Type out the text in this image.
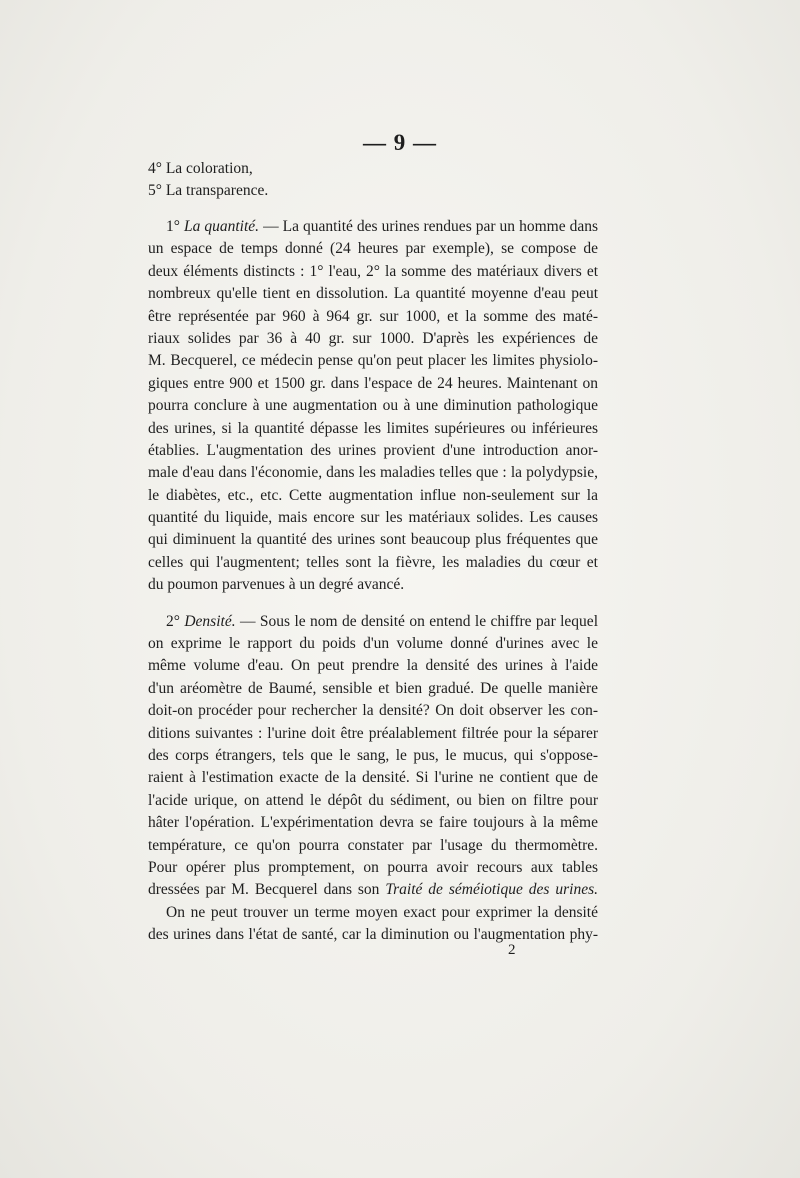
— 9 —
4° La coloration,
5° La transparence.
1° La quantité. — La quantité des urines rendues par un homme dans
un espace de temps donné (24 heures par exemple), se compose de
deux éléments distincts : 1° l'eau, 2° la somme des matériaux divers et
nombreux qu'elle tient en dissolution. La quantité moyenne d'eau peut
être représentée par 960 à 964 gr. sur 1000, et la somme des maté-
riaux solides par 36 à 40 gr. sur 1000. D'après les expériences de
M. Becquerel, ce médecin pense qu'on peut placer les limites physiolo-
giques entre 900 et 1500 gr. dans l'espace de 24 heures. Maintenant on
pourra conclure à une augmentation ou à une diminution pathologique
des urines, si la quantité dépasse les limites supérieures ou inférieures
établies. L'augmentation des urines provient d'une introduction anor-
male d'eau dans l'économie, dans les maladies telles que : la polydypsie,
le diabètes, etc., etc. Cette augmentation influe non-seulement sur la
quantité du liquide, mais encore sur les matériaux solides. Les causes
qui diminuent la quantité des urines sont beaucoup plus fréquentes que
celles qui l'augmentent; telles sont la fièvre, les maladies du cœur et
du poumon parvenues à un degré avancé.
2° Densité. — Sous le nom de densité on entend le chiffre par lequel
on exprime le rapport du poids d'un volume donné d'urines avec le
même volume d'eau. On peut prendre la densité des urines à l'aide
d'un aréomètre de Baumé, sensible et bien gradué. De quelle manière
doit-on procéder pour rechercher la densité? On doit observer les con-
ditions suivantes : l'urine doit être préalablement filtrée pour la séparer
des corps étrangers, tels que le sang, le pus, le mucus, qui s'oppose-
raient à l'estimation exacte de la densité. Si l'urine ne contient que de
l'acide urique, on attend le dépôt du sédiment, ou bien on filtre pour
hâter l'opération. L'expérimentation devra se faire toujours à la même
température, ce qu'on pourra constater par l'usage du thermomètre.
Pour opérer plus promptement, on pourra avoir recours aux tables
dressées par M. Becquerel dans son Traité de séméiotique des urines.
On ne peut trouver un terme moyen exact pour exprimer la densité
des urines dans l'état de santé, car la diminution ou l'augmentation phy-
2
